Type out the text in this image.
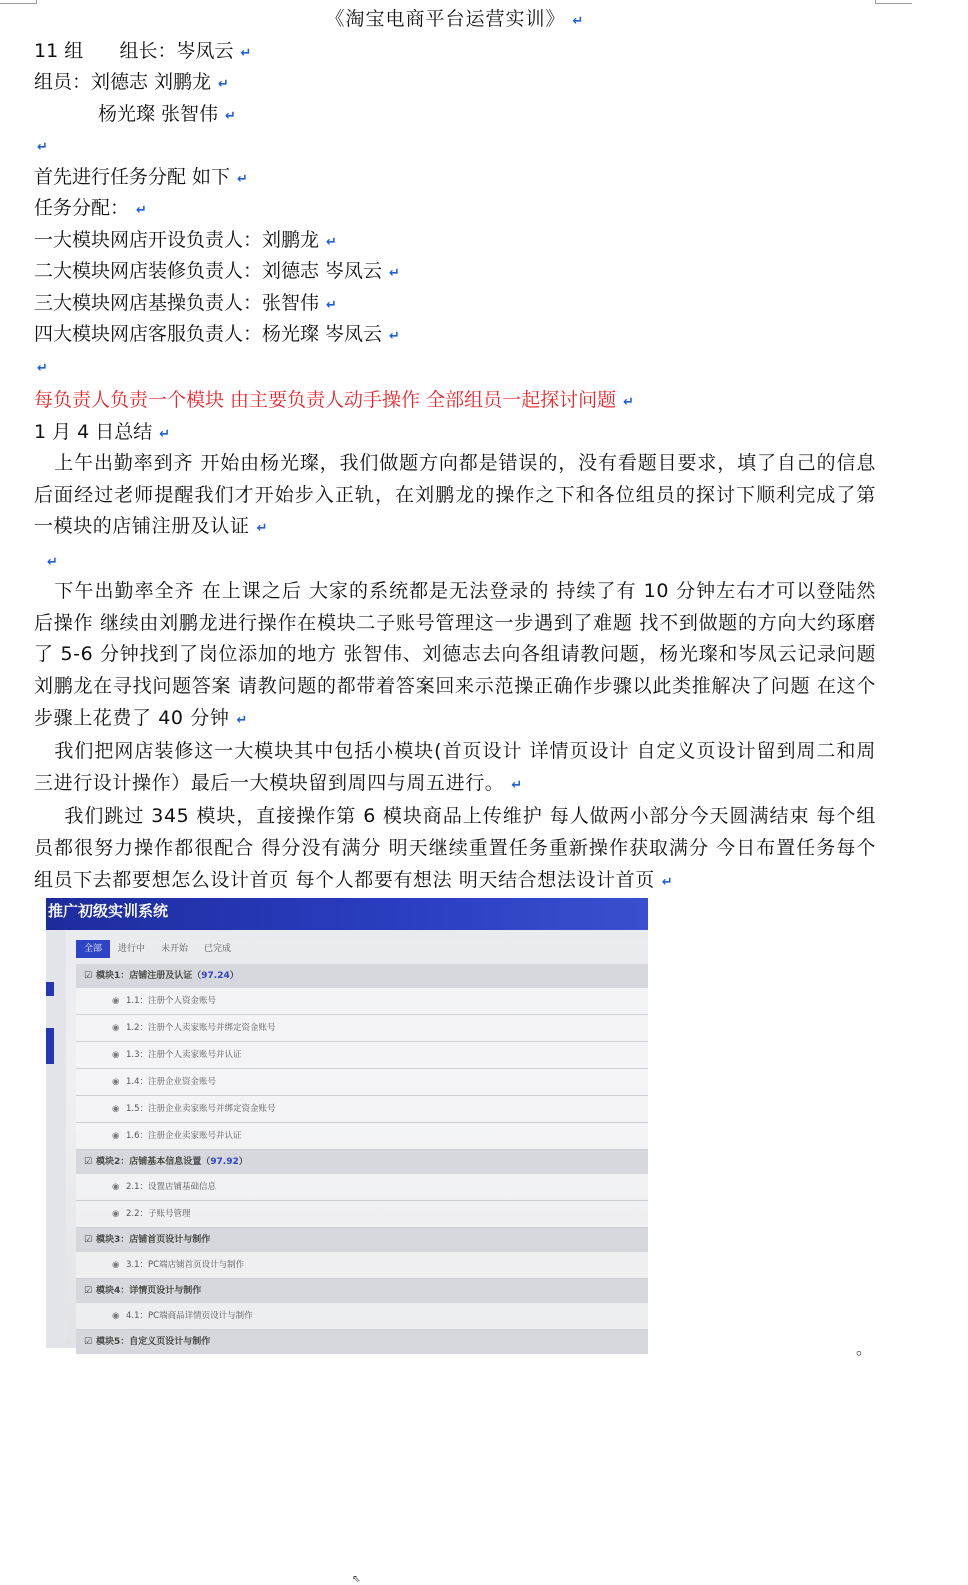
《淘宝电商平台运营实训》 ↵
11 组      组长：岑凤云 ↵
组员：刘德志 刘鹏龙 ↵
杨光璨 张智伟 ↵
↵
首先进行任务分配 如下 ↵
任务分配： ↵
一大模块网店开设负责人：刘鹏龙 ↵
二大模块网店装修负责人：刘德志 岑凤云 ↵
三大模块网店基操负责人：张智伟 ↵
四大模块网店客服负责人：杨光璨 岑凤云 ↵
↵
每负责人负责一个模块 由主要负责人动手操作 全部组员一起探讨问题 ↵
1 月 4 日总结 ↵
上午出勤率到齐 开始由杨光璨，我们做题方向都是错误的，没有看题目要求，填了自己的信息 后面经过老师提醒我们才开始步入正轨，在刘鹏龙的操作之下和各位组员的探讨下顺利完成了第一模块的店铺注册及认证 ↵
↵
下午出勤率全齐 在上课之后 大家的系统都是无法登录的 持续了有 10 分钟左右才可以登陆然后操作 继续由刘鹏龙进行操作在模块二子账号管理这一步遇到了难题 找不到做题的方向大约琢磨了 5-6 分钟找到了岗位添加的地方 张智伟、刘德志去向各组请教问题，杨光璨和岑凤云记录问题 刘鹏龙在寻找问题答案 请教问题的都带着答案回来示范操正确作步骤以此类推解决了问题 在这个步骤上花费了 40 分钟 ↵
我们把网店装修这一大模块其中包括小模块(首页设计 详情页设计 自定义页设计留到周二和周三进行设计操作）最后一大模块留到周四与周五进行。 ↵
我们跳过 345 模块，直接操作第 6 模块商品上传维护 每人做两小部分今天圆满结束 每个组员都很努力操作都很配合 得分没有满分 明天继续重置任务重新操作获取满分 今日布置任务每个组员下去都要想怎么设计首页 每个人都要有想法 明天结合想法设计首页 ↵
推广初级实训系统
全部	进行中	未开始	已完成
☑ 模块1：店铺注册及认证（97.24）
◉ 1.1：注册个人资金账号
◉ 1.2：注册个人卖家账号并绑定资金账号
◉ 1.3：注册个人卖家账号并认证
◉ 1.4：注册企业资金账号
◉ 1.5：注册企业卖家账号并绑定资金账号
◉ 1.6：注册企业卖家账号并认证
☑ 模块2：店铺基本信息设置（97.92）
◉ 2.1：设置店铺基础信息
◉ 2.2：子账号管理
☑ 模块3：店铺首页设计与制作
◉ 3.1：PC端店铺首页设计与制作
☑ 模块4：详情页设计与制作
◉ 4.1：PC端商品详情页设计与制作
☑ 模块5：自定义页设计与制作
⇖
。
